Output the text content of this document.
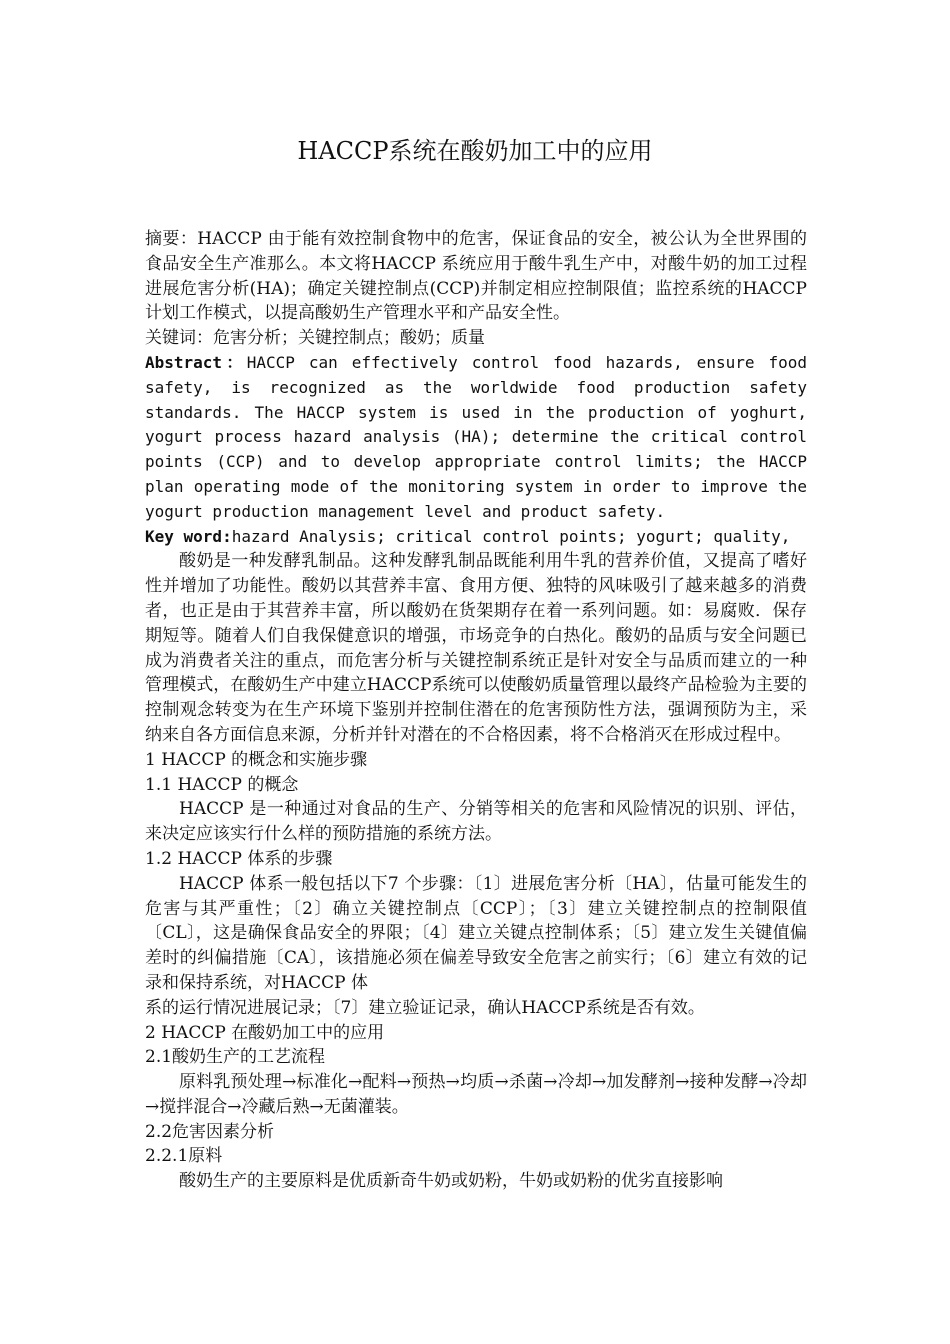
HACCP系统在酸奶加工中的应用

摘要：HACCP 由于能有效控制食物中的危害，保证食品的安全，被公认为全世界围的食品安全生产准那么。本文将HACCP 系统应用于酸牛乳生产中，对酸牛奶的加工过程进展危害分析(HA)；确定关键控制点(CCP)并制定相应控制限值；监控系统的HACCP 计划工作模式，以提高酸奶生产管理水平和产品安全性。

关键词：危害分析；关键控制点；酸奶；质量

Abstract：HACCP can effectively control food hazards, ensure food safety, is recognized as the worldwide food production safety standards. The HACCP system is used in the production of yoghurt, yogurt process hazard analysis (HA); determine the critical control points (CCP) and to develop appropriate control limits; the HACCP plan operating mode of the monitoring system in order to improve the yogurt production management level and product safety.

Key word:hazard Analysis; critical control points; yogurt; quality,

酸奶是一种发酵乳制品。这种发酵乳制品既能利用牛乳的营养价值，又提高了嗜好性并增加了功能性。酸奶以其营养丰富、食用方便、独特的风味吸引了越来越多的消费者，也正是由于其营养丰富，所以酸奶在货架期存在着一系列问题。如：易腐败．保存期短等。随着人们自我保健意识的增强，市场竞争的白热化。酸奶的品质与安全问题已成为消费者关注的重点，而危害分析与关键控制系统正是针对安全与品质而建立的一种管理模式，在酸奶生产中建立HACCP系统可以使酸奶质量管理以最终产品检验为主要的控制观念转变为在生产环境下鉴别并控制住潜在的危害预防性方法，强调预防为主，采纳来自各方面信息来源，分析并针对潜在的不合格因素，将不合格消灭在形成过程中。

1 HACCP 的概念和实施步骤

1.1 HACCP 的概念

HACCP 是一种通过对食品的生产、分销等相关的危害和风险情况的识别、评估，来决定应该实行什么样的预防措施的系统方法。

1.2 HACCP 体系的步骤

HACCP 体系一般包括以下7 个步骤：〔1〕进展危害分析〔HA〕，估量可能发生的危害与其严重性；〔2〕确立关键控制点〔CCP〕；〔3〕建立关键控制点的控制限值〔CL〕，这是确保食品安全的界限；〔4〕建立关键点控制体系；〔5〕建立发生关键值偏差时的纠偏措施〔CA〕，该措施必须在偏差导致安全危害之前实行；〔6〕建立有效的记录和保持系统，对HACCP 体

系的运行情况进展记录；〔7〕建立验证记录，确认HACCP系统是否有效。

2 HACCP 在酸奶加工中的应用

2.1酸奶生产的工艺流程

原料乳预处理→标准化→配料→预热→均质→杀菌→冷却→加发酵剂→接种发酵→冷却→搅拌混合→冷藏后熟→无菌灌装。

2.2危害因素分析

2.2.1原料

酸奶生产的主要原料是优质新奇牛奶或奶粉，牛奶或奶粉的优劣直接影响
